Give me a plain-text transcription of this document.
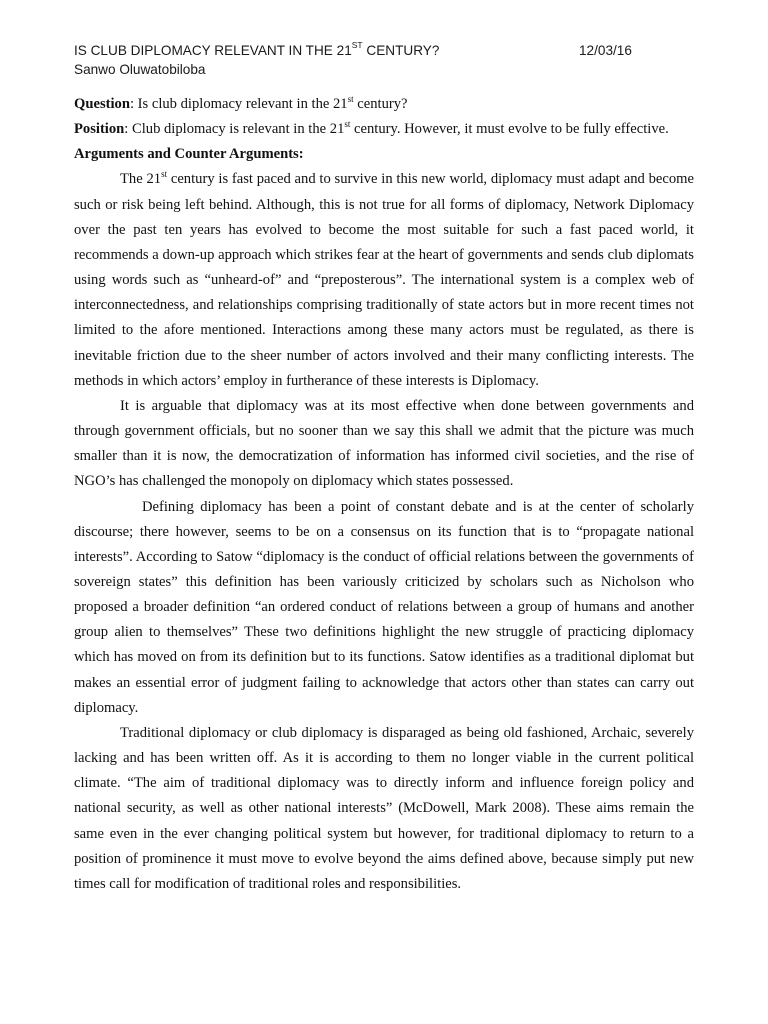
IS CLUB DIPLOMACY RELEVANT IN THE 21ST CENTURY?	12/03/16
Sanwo Oluwatobiloba

Question: Is club diplomacy relevant in the 21st century?

Position: Club diplomacy is relevant in the 21st century. However, it must evolve to be fully effective.

Arguments and Counter Arguments:

The 21st century is fast paced and to survive in this new world, diplomacy must adapt and become such or risk being left behind. Although, this is not true for all forms of diplomacy, Network Diplomacy over the past ten years has evolved to become the most suitable for such a fast paced world, it recommends a down-up approach which strikes fear at the heart of governments and sends club diplomats using words such as “unheard-of” and “preposterous”. The international system is a complex web of interconnectedness, and relationships comprising traditionally of state actors but in more recent times not limited to the afore mentioned. Interactions among these many actors must be regulated, as there is inevitable friction due to the sheer number of actors involved and their many conflicting interests. The methods in which actors’ employ in furtherance of these interests is Diplomacy.

It is arguable that diplomacy was at its most effective when done between governments and through government officials, but no sooner than we say this shall we admit that the picture was much smaller than it is now, the democratization of information has informed civil societies, and the rise of NGO’s has challenged the monopoly on diplomacy which states possessed.

Defining diplomacy has been a point of constant debate and is at the center of scholarly discourse; there however, seems to be on a consensus on its function that is to “propagate national interests”. According to Satow “diplomacy is the conduct of official relations between the governments of sovereign states” this definition has been variously criticized by scholars such as Nicholson who proposed a broader definition “an ordered conduct of relations between a group of humans and another group alien to themselves” These two definitions highlight the new struggle of practicing diplomacy which has moved on from its definition but to its functions. Satow identifies as a traditional diplomat but makes an essential error of judgment failing to acknowledge that actors other than states can carry out diplomacy.

Traditional diplomacy or club diplomacy is disparaged as being old fashioned, Archaic, severely lacking and has been written off. As it is according to them no longer viable in the current political climate. “The aim of traditional diplomacy was to directly inform and influence foreign policy and national security, as well as other national interests” (McDowell, Mark 2008). These aims remain the same even in the ever changing political system but however, for traditional diplomacy to return to a position of prominence it must move to evolve beyond the aims defined above, because simply put new times call for modification of traditional roles and responsibilities.
